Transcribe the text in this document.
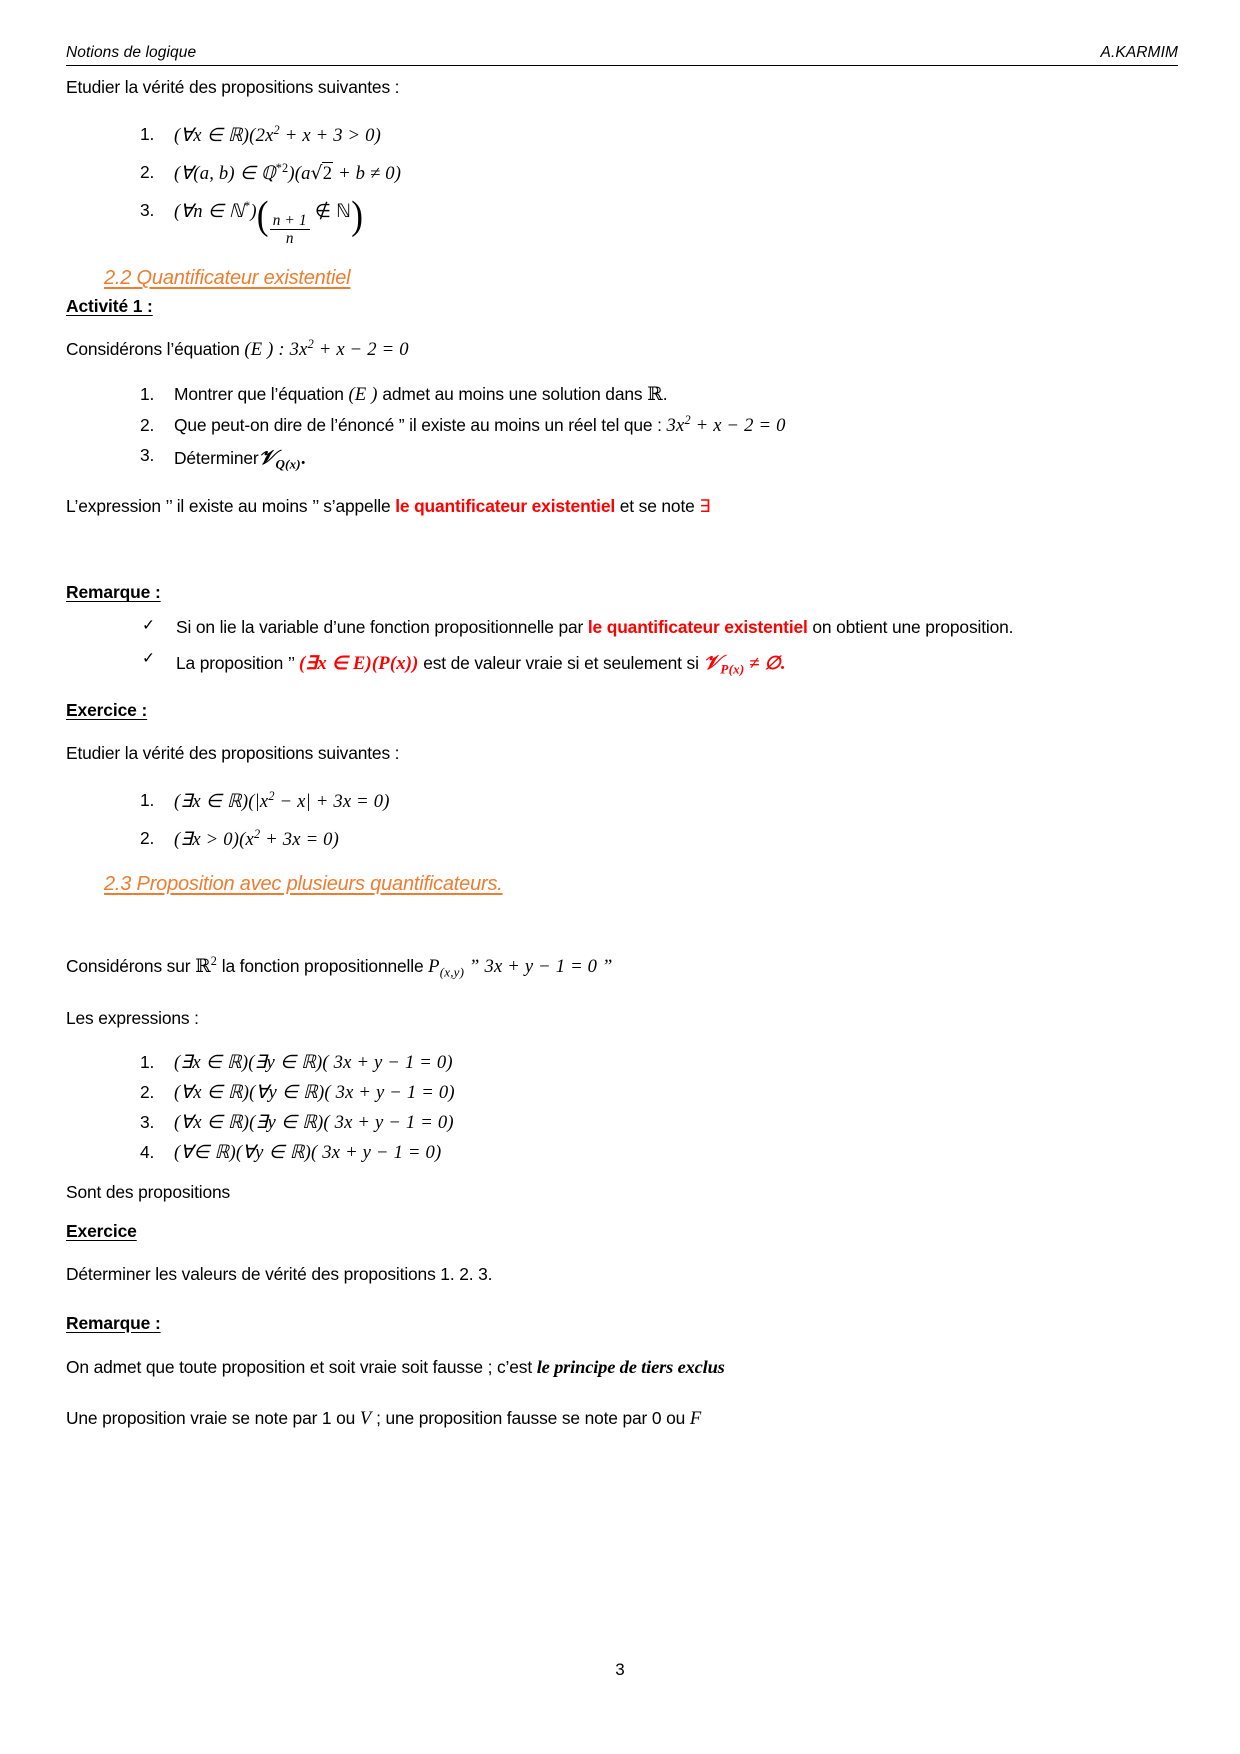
Notions de logique	A.KARMIM

Etudier la vérité des propositions suivantes :

(∀x ∈ $ℝ)(2x^2 + x + 3 > 0)$
(∀(a, b) ∈ ℚ$^{*2}$)(a√2 + b ≠ 0)
(∀n ∈ ℕ*)( $\frac{n + 1}{n}$
∉ ℕ)
2.2 Quantificateur existentiel
Activité 1 :

Considérons l’équation (E ) : $3x^2 + x - 2 = 0$

Montrer que l’équation (E ) admet au moins une solution dans ℝ.
Que peut-on dire de l’énoncé ” il existe au moins un réel tel que : $3x^2 + x - 2 = 0$
Déterminer𝒱$_{Q(x)}$.

L’expression ’’ il existe au moins ’’ s’appelle le quantificateur existentiel et se note ∃

Remarque :
✓ Si on lie la variable d’une fonction propositionnelle par le quantificateur existentiel on obtient une proposition.
✓ La proposition ’’ (∃x ∈ E)(P(x)) est de valeur vraie si et seulement si 𝒱$_{P(x)}$ ≠ ∅.
Exercice :

Etudier la vérité des propositions suivantes :

(∃x ∈ $ℝ)(|x^2 - x| + 3x = 0)$
(∃x > $0)(x^2 + 3x = 0)$
2.3 Proposition avec plusieurs quantificateurs.

Considérons sur ℝ$^2$ la fonction propositionnelle $P_{(x,y)}$ ” 3x + y − 1 = 0 ”

Les expressions :

(∃x ∈ ℝ)(∃y ∈ ℝ)( 3x + y − 1 = 0)
(∀x ∈ ℝ)(∀y ∈ ℝ)( 3x + y − 1 = 0)
(∀x ∈ ℝ)(∃y ∈ ℝ)( 3x + y − 1 = 0)
(∀∈ ℝ)(∀y ∈ ℝ)( 3x + y − 1 = 0)

Sont des propositions

Exercice

Déterminer les valeurs de vérité des propositions 1. 2. 3.

Remarque :

On admet que toute proposition et soit vraie soit fausse ; c’est le principe de tiers exclus

Une proposition vraie se note par 1 ou V ; une proposition fausse se note par 0 ou F

3
